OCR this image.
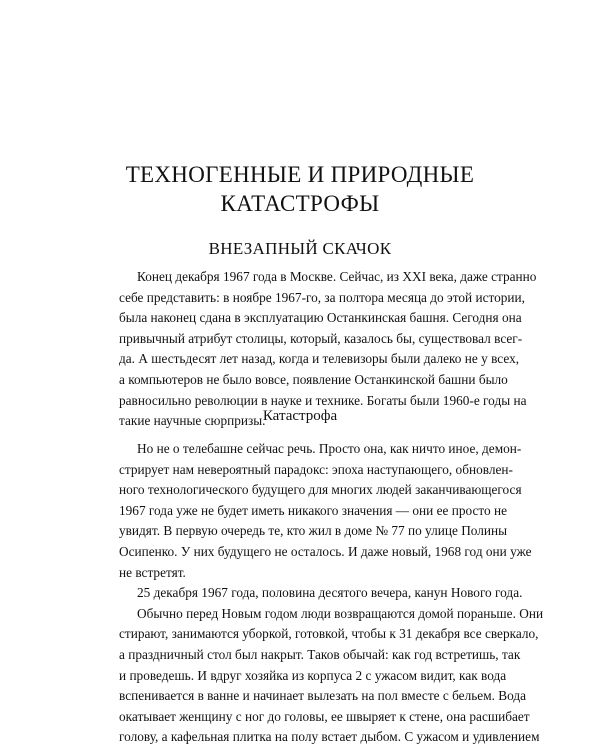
ТЕХНОГЕННЫЕ И ПРИРОДНЫЕ
КАТАСТРОФЫ
ВНЕЗАПНЫЙ СКАЧОК
Конец декабря 1967 года в Москве. Сейчас, из XXI века, даже странно
себе представить: в ноябре 1967-го, за полтора месяца до этой истории,
была наконец сдана в эксплуатацию Останкинская башня. Сегодня она
привычный атрибут столицы, который, казалось бы, существовал всег-
да. А шестьдесят лет назад, когда и телевизоры были далеко не у всех,
а компьютеров не было вовсе, появление Останкинской башни было
равносильно революции в науке и технике. Богаты были 1960-е годы на
такие научные сюрпризы.
Катастрофа
Но не о телебашне сейчас речь. Просто она, как ничто иное, демон-
стрирует нам невероятный парадокс: эпоха наступающего, обновлен-
ного технологического будущего для многих людей заканчивающегося
1967 года уже не будет иметь никакого значения — они ее просто не
увидят. В первую очередь те, кто жил в доме № 77 по улице Полины
Осипенко. У них будущего не осталось. И даже новый, 1968 год они уже
не встретят.
25 декабря 1967 года, половина десятого вечера, канун Нового года.
Обычно перед Новым годом люди возвращаются домой пораньше. Они
стирают, занимаются уборкой, готовкой, чтобы к 31 декабря все сверкало,
а праздничный стол был накрыт. Таков обычай: как год встретишь, так
и проведешь. И вдруг хозяйка из корпуса 2 с ужасом видит, как вода
вспенивается в ванне и начинает вылезать на пол вместе с бельем. Вода
окатывает женщину с ног до головы, ее швыряет к стене, она расшибает
голову, а кафельная плитка на полу встает дыбом. С ужасом и удивлением
